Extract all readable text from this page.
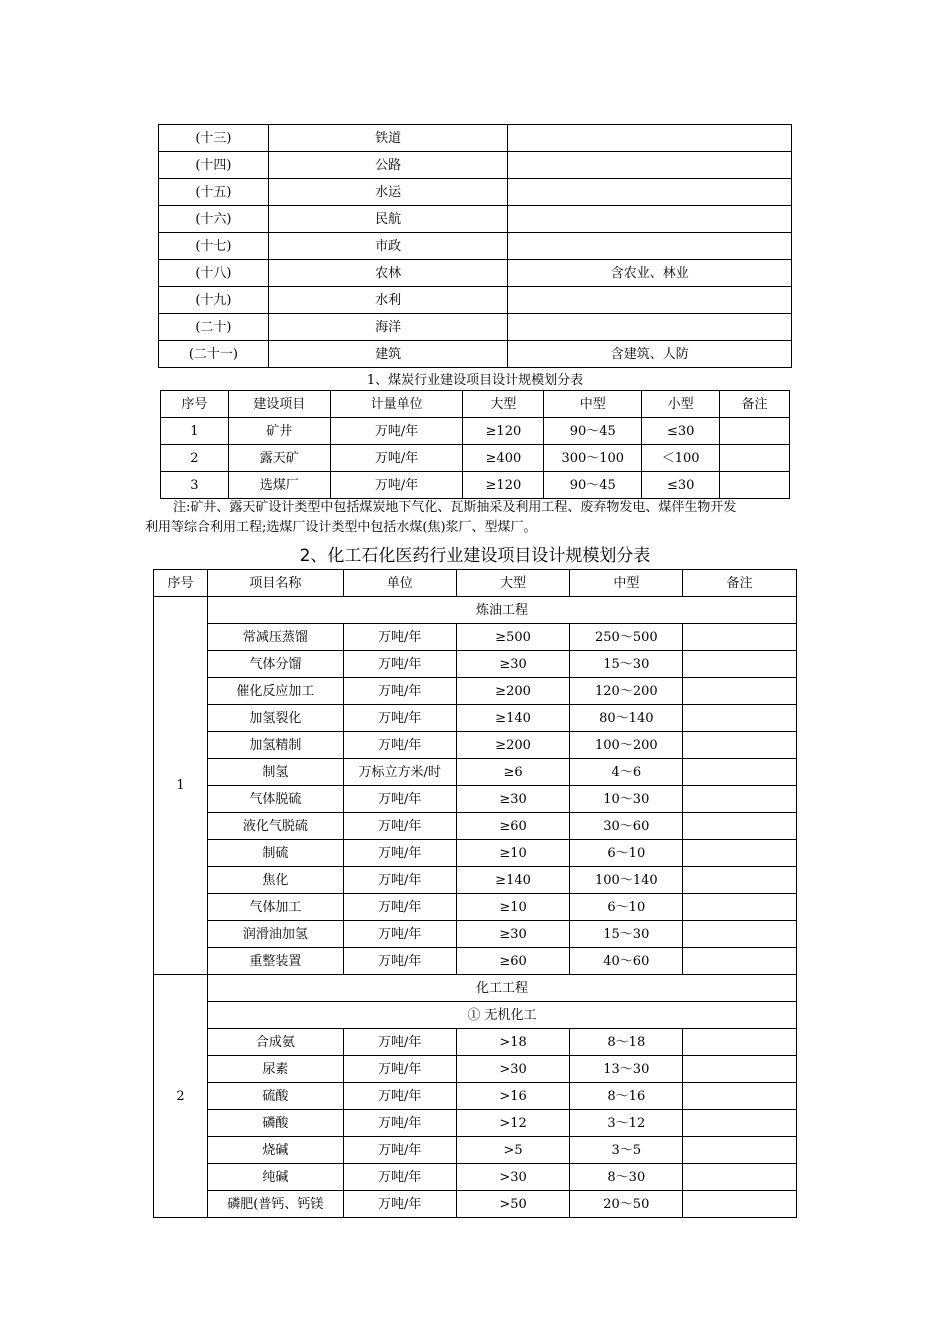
(十三)	铁道	
(十四)	公路	
(十五)	水运	
(十六)	民航	
(十七)	市政	
(十八)	农林	含农业、林业
(十九)	水利	
(二十)	海洋	
(二十一)	建筑	含建筑、人防
1、煤炭行业建设项目设计规模划分表
序号	建设项目	计量单位	大型	中型	小型	备注
1	矿井	万吨/年	≥120	90～45	≤30	
2	露天矿	万吨/年	≥400	300～100	＜100	
3	选煤厂	万吨/年	≥120	90～45	≤30	
注:矿井、露天矿设计类型中包括煤炭地下气化、瓦斯抽采及利用工程、废弃物发电、煤伴生物开发
利用等综合利用工程;选煤厂设计类型中包括水煤(焦)浆厂、型煤厂。
2、化工石化医药行业建设项目设计规模划分表
序号	项目名称	单位	大型	中型	备注
1	炼油工程				
	常减压蒸馏	万吨/年	≥500	250～500	
	气体分馏	万吨/年	≥30	15～30	
	催化反应加工	万吨/年	≥200	120～200	
	加氢裂化	万吨/年	≥140	80～140	
	加氢精制	万吨/年	≥200	100～200	
	制氢	万标立方米/时	≥6	4～6	
	气体脱硫	万吨/年	≥30	10～30	
	液化气脱硫	万吨/年	≥60	30～60	
	制硫	万吨/年	≥10	6～10	
	焦化	万吨/年	≥140	100～140	
	气体加工	万吨/年	≥10	6～10	
	润滑油加氢	万吨/年	≥30	15～30	
	重整装置	万吨/年	≥60	40～60	
2	化工工程				
	① 无机化工				
	合成氨	万吨/年	>18	8～18	
	尿素	万吨/年	>30	13～30	
	硫酸	万吨/年	>16	8～16	
	磷酸	万吨/年	>12	3～12	
	烧碱	万吨/年	>5	3～5	
	纯碱	万吨/年	>30	8～30	
	磷肥(普钙、钙镁	万吨/年	>50	20～50	
